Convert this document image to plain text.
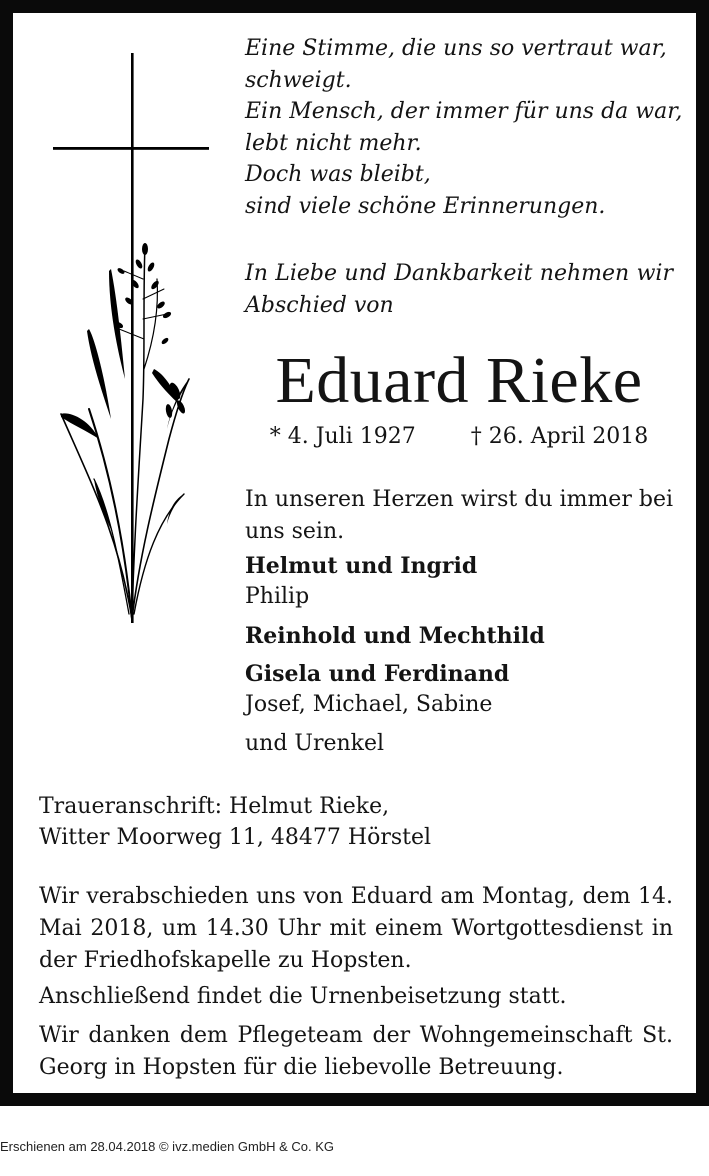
Eine Stimme, die uns so vertraut war,
schweigt.
Ein Mensch, der immer für uns da war,
lebt nicht mehr.
Doch was bleibt,
sind viele schöne Erinnerungen.
In Liebe und Dankbarkeit nehmen wir Abschied von
Eduard Rieke
* 4. Juli 1927	† 26. April 2018
In unseren Herzen wirst du immer bei uns sein.
Helmut und Ingrid
Philip
Reinhold und Mechthild
Gisela und Ferdinand
Josef, Michael, Sabine
und Urenkel
Traueranschrift: Helmut Rieke,
Witter Moorweg 11, 48477 Hörstel
Wir verabschieden uns von Eduard am Montag, dem 14. Mai 2018, um 14.30 Uhr mit einem Wortgottesdienst in der Friedhofskapelle zu Hopsten.
Anschließend findet die Urnenbeisetzung statt.
Wir danken dem Pflegeteam der Wohngemeinschaft St. Georg in Hopsten für die liebevolle Betreuung.
Erschienen am 28.04.2018 © ivz.medien GmbH & Co. KG
